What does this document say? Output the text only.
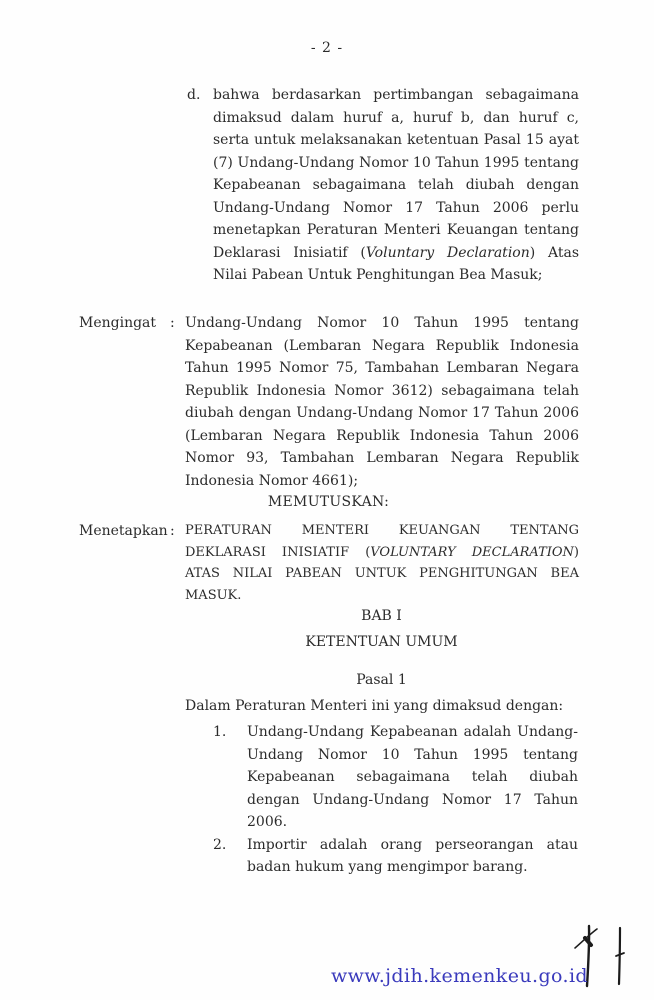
- 2 -
d. bahwa berdasarkan pertimbangan sebagaimana dimaksud dalam huruf a, huruf b, dan huruf c, serta untuk melaksanakan ketentuan Pasal 15 ayat (7) Undang-Undang Nomor 10 Tahun 1995 tentang Kepabeanan sebagaimana telah diubah dengan Undang-Undang Nomor 17 Tahun 2006 perlu menetapkan Peraturan Menteri Keuangan tentang Deklarasi Inisiatif (Voluntary Declaration) Atas Nilai Pabean Untuk Penghitungan Bea Masuk;
Mengingat : Undang-Undang Nomor 10 Tahun 1995 tentang Kepabeanan (Lembaran Negara Republik Indonesia Tahun 1995 Nomor 75, Tambahan Lembaran Negara Republik Indonesia Nomor 3612) sebagaimana telah diubah dengan Undang-Undang Nomor 17 Tahun 2006 (Lembaran Negara Republik Indonesia Tahun 2006 Nomor 93, Tambahan Lembaran Negara Republik Indonesia Nomor 4661);
MEMUTUSKAN:
Menetapkan : PERATURAN MENTERI KEUANGAN TENTANG DEKLARASI INISIATIF (VOLUNTARY DECLARATION) ATAS NILAI PABEAN UNTUK PENGHITUNGAN BEA MASUK.
BAB I
KETENTUAN UMUM
Pasal 1
Dalam Peraturan Menteri ini yang dimaksud dengan:
1.	Undang-Undang Kepabeanan adalah Undang-Undang Nomor 10 Tahun 1995 tentang Kepabeanan sebagaimana telah diubah dengan Undang-Undang Nomor 17 Tahun 2006.
2.	Importir adalah orang perseorangan atau badan hukum yang mengimpor barang.
www.jdih.kemenkeu.go.id
